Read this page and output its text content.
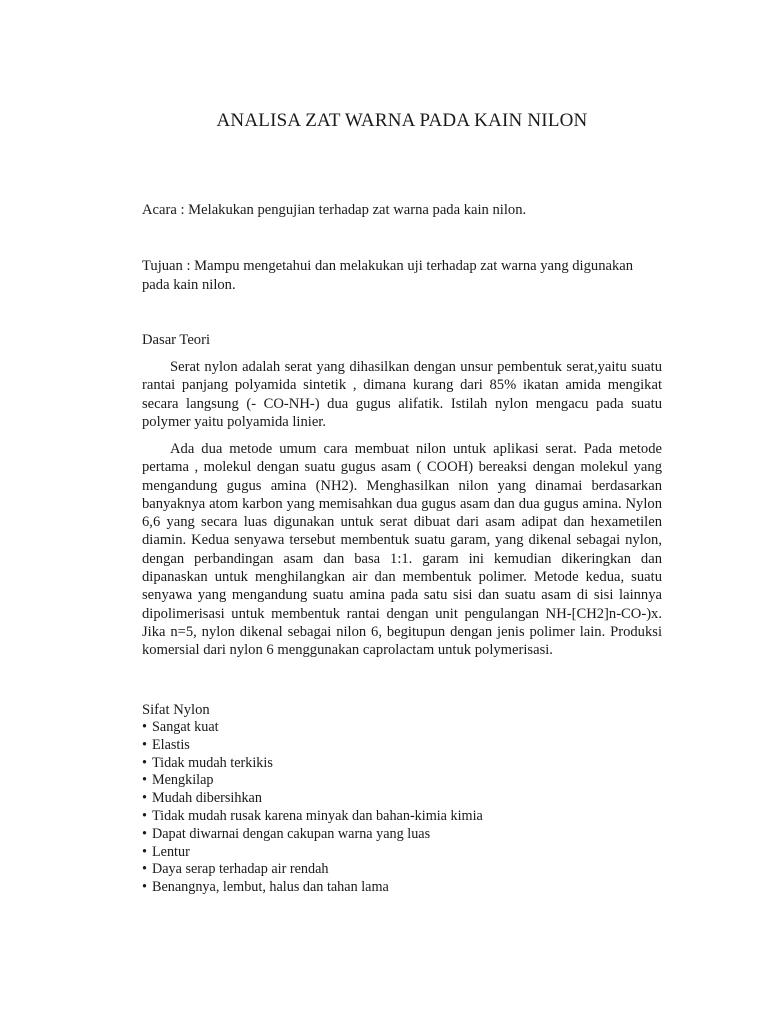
ANALISA ZAT WARNA PADA KAIN NILON
Acara : Melakukan pengujian terhadap zat warna pada kain nilon.
Tujuan : Mampu mengetahui dan melakukan uji terhadap zat warna yang digunakan
pada kain nilon.
Dasar Teori

Serat nylon adalah serat yang dihasilkan dengan unsur pembentuk serat,yaitu suatu rantai panjang polyamida sintetik , dimana kurang dari 85% ikatan amida mengikat secara langsung (- CO-NH-) dua gugus alifatik. Istilah nylon mengacu pada suatu polymer yaitu polyamida linier.

Ada dua metode umum cara membuat nilon untuk aplikasi serat. Pada metode pertama , molekul dengan suatu gugus asam ( COOH) bereaksi dengan molekul yang mengandung gugus amina (NH2). Menghasilkan nilon yang dinamai berdasarkan banyaknya atom karbon yang memisahkan dua gugus asam dan dua gugus amina. Nylon 6,6 yang secara luas digunakan untuk serat dibuat dari asam adipat dan hexametilen diamin. Kedua senyawa tersebut membentuk suatu garam, yang dikenal sebagai nylon, dengan perbandingan asam dan basa 1:1. garam ini kemudian dikeringkan dan dipanaskan untuk menghilangkan air dan membentuk polimer. Metode kedua, suatu senyawa yang mengandung suatu amina pada satu sisi dan suatu asam di sisi lainnya dipolimerisasi untuk membentuk rantai dengan unit pengulangan NH-[CH2]n-CO-)x. Jika n=5, nylon dikenal sebagai nilon 6, begitupun dengan jenis polimer lain. Produksi komersial dari nylon 6 menggunakan caprolactam untuk polymerisasi.

Sifat Nylon
• Sangat kuat
• Elastis
• Tidak mudah terkikis
• Mengkilap
• Mudah dibersihkan
• Tidak mudah rusak karena minyak dan bahan-kimia kimia
• Dapat diwarnai dengan cakupan warna yang luas
• Lentur
• Daya serap terhadap air rendah
• Benangnya, lembut, halus dan tahan lama
